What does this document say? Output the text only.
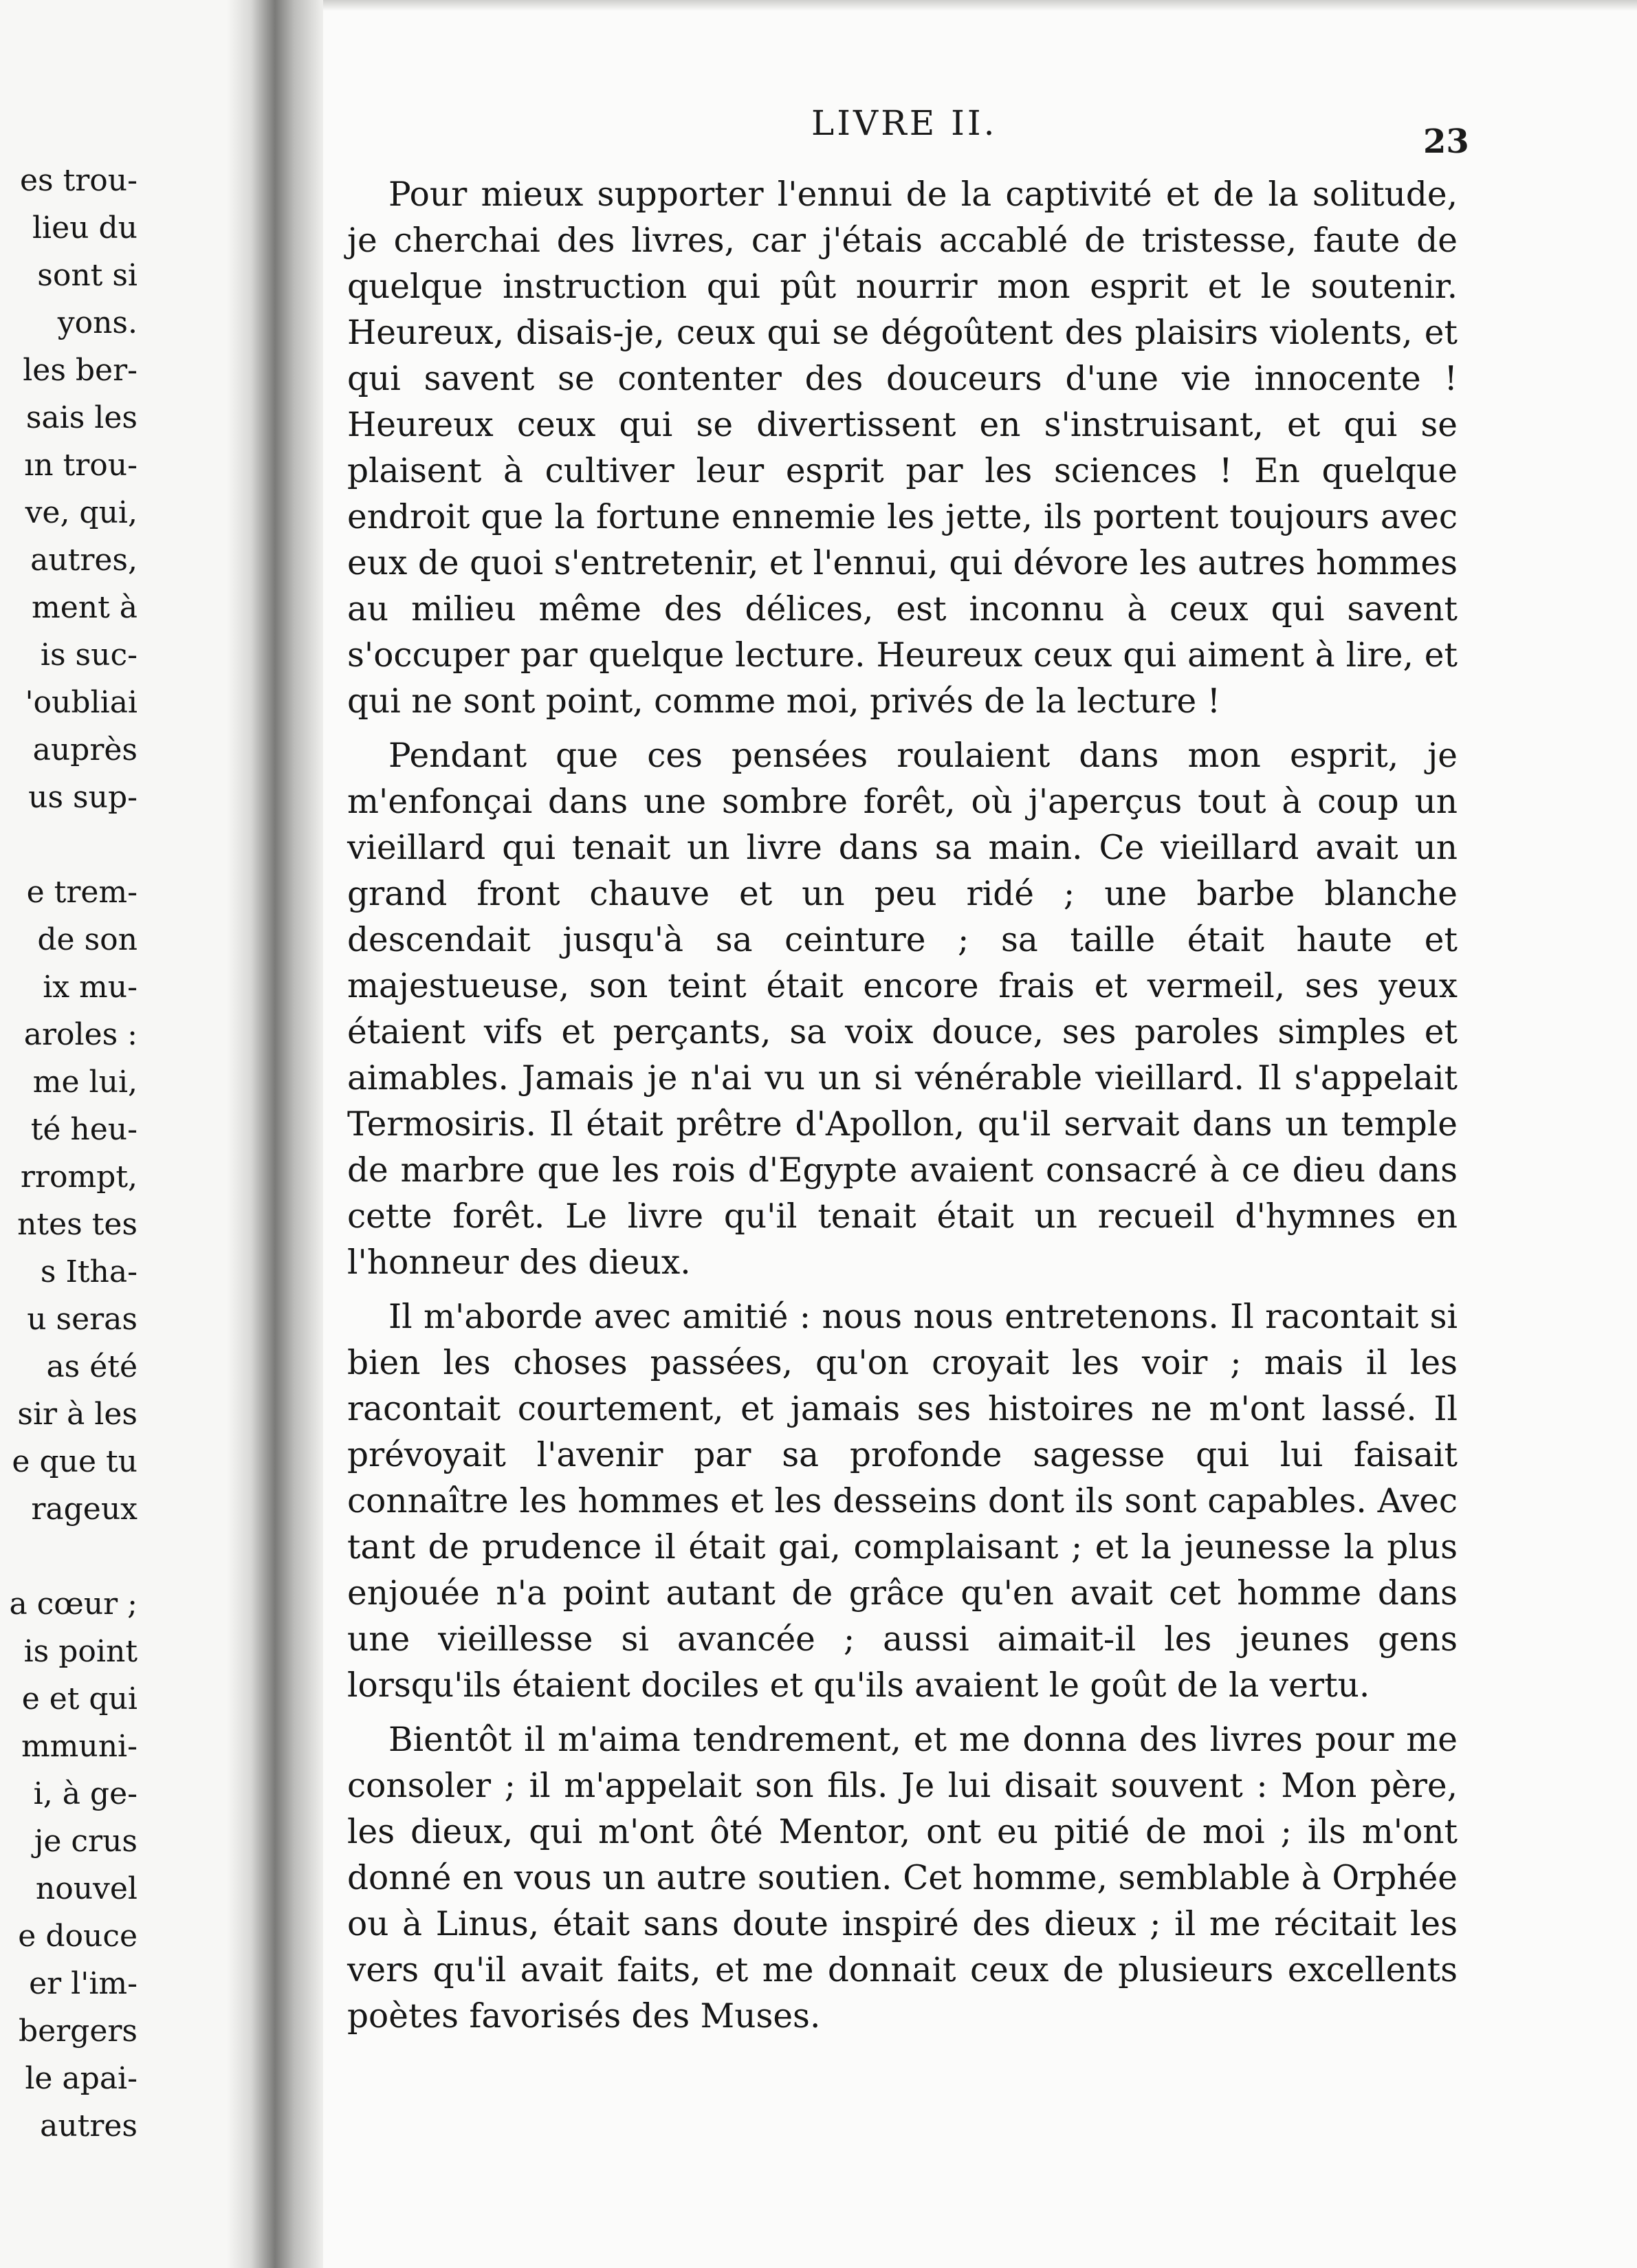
es trou-
lieu du
sont si
yons.
les ber-
sais les
ın trou-
ve, qui,
autres,
ment à
is suc-
'oubliai
auprès
us sup-
e trem-
de son
ix mu-
aroles :
me lui,
té heu-
rrompt,
ntes tes
s Itha-
u seras
as été
sir à les
e que tu
rageux
a cœur ;
is point
e et qui
mmuni-
i, à ge-
je crus
nouvel
e douce
er l'im-
bergers
le apai-
autres
LIVRE II.	23

Pour mieux supporter l'ennui de la captivité et de la solitude, je cherchai des livres, car j'étais accablé de tristesse, faute de quelque instruction qui pût nourrir mon esprit et le soutenir. Heureux, disais-je, ceux qui se dégoûtent des plaisirs violents, et qui savent se contenter des douceurs d'une vie innocente ! Heureux ceux qui se divertissent en s'instruisant, et qui se plaisent à cultiver leur esprit par les sciences ! En quelque endroit que la fortune ennemie les jette, ils portent toujours avec eux de quoi s'entretenir, et l'ennui, qui dévore les autres hommes au milieu même des délices, est inconnu à ceux qui savent s'occuper par quelque lecture. Heureux ceux qui aiment à lire, et qui ne sont point, comme moi, privés de la lecture !

Pendant que ces pensées roulaient dans mon esprit, je m'enfonçai dans une sombre forêt, où j'aperçus tout à coup un vieillard qui tenait un livre dans sa main. Ce vieillard avait un grand front chauve et un peu ridé ; une barbe blanche descendait jusqu'à sa ceinture ; sa taille était haute et majestueuse, son teint était encore frais et vermeil, ses yeux étaient vifs et perçants, sa voix douce, ses paroles simples et aimables. Jamais je n'ai vu un si vénérable vieillard. Il s'appelait Termosiris. Il était prêtre d'Apollon, qu'il servait dans un temple de marbre que les rois d'Egypte avaient consacré à ce dieu dans cette forêt. Le livre qu'il tenait était un recueil d'hymnes en l'honneur des dieux.

Il m'aborde avec amitié : nous nous entretenons. Il racontait si bien les choses passées, qu'on croyait les voir ; mais il les racontait courtement, et jamais ses histoires ne m'ont lassé. Il prévoyait l'avenir par sa profonde sagesse qui lui faisait connaître les hommes et les desseins dont ils sont capables. Avec tant de prudence il était gai, complaisant ; et la jeunesse la plus enjouée n'a point autant de grâce qu'en avait cet homme dans une vieillesse si avancée ; aussi aimait-il les jeunes gens lorsqu'ils étaient dociles et qu'ils avaient le goût de la vertu.

Bientôt il m'aima tendrement, et me donna des livres pour me consoler ; il m'appelait son fils. Je lui disait souvent : Mon père, les dieux, qui m'ont ôté Mentor, ont eu pitié de moi ; ils m'ont donné en vous un autre soutien. Cet homme, semblable à Orphée ou à Linus, était sans doute inspiré des dieux ; il me récitait les vers qu'il avait faits, et me donnait ceux de plusieurs excellents poètes favorisés des Muses.
